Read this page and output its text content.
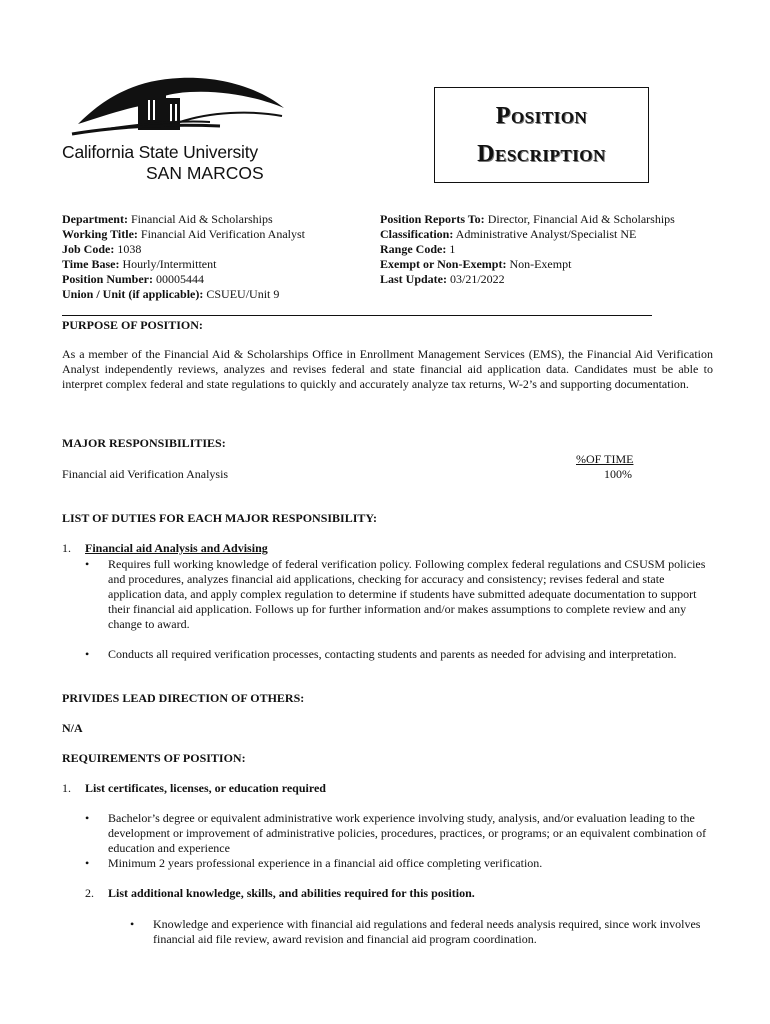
California State University
SAN MARCOS
Position
Description
Department: Financial Aid & Scholarships
Working Title: Financial Aid Verification Analyst
Job Code: 1038
Time Base: Hourly/Intermittent
Position Number: 00005444
Union / Unit (if applicable): CSUEU/Unit 9
Position Reports To: Director, Financial Aid & Scholarships
Classification: Administrative Analyst/Specialist NE
Range Code: 1
Exempt or Non-Exempt: Non-Exempt
Last Update: 03/21/2022
PURPOSE OF POSITION:
As a member of the Financial Aid & Scholarships Office in Enrollment Management Services (EMS), the Financial Aid Verification Analyst independently reviews, analyzes and revises federal and state financial aid application data. Candidates must be able to interpret complex federal and state regulations to quickly and accurately analyze tax returns, W-2’s and supporting documentation.
MAJOR RESPONSIBILITIES:
%OF TIME
Financial aid Verification Analysis	100%
LIST OF DUTIES FOR EACH MAJOR RESPONSIBILITY:
1. Financial aid Analysis and Advising
• Requires full working knowledge of federal verification policy. Following complex federal regulations and CSUSM policies and procedures, analyzes financial aid applications, checking for accuracy and consistency; revises federal and state application data, and apply complex regulation to determine if students have submitted adequate documentation to support their financial aid application. Follows up for further information and/or makes assumptions to complete review and any change to award.
• Conducts all required verification processes, contacting students and parents as needed for advising and interpretation.
PRIVIDES LEAD DIRECTION OF OTHERS:
N/A
REQUIREMENTS OF POSITION:
1. List certificates, licenses, or education required
• Bachelor’s degree or equivalent administrative work experience involving study, analysis, and/or evaluation leading to the development or improvement of administrative policies, procedures, practices, or programs; or an equivalent combination of education and experience
• Minimum 2 years professional experience in a financial aid office completing verification.
2. List additional knowledge, skills, and abilities required for this position.
• Knowledge and experience with financial aid regulations and federal needs analysis required, since work involves financial aid file review, award revision and financial aid program coordination.
